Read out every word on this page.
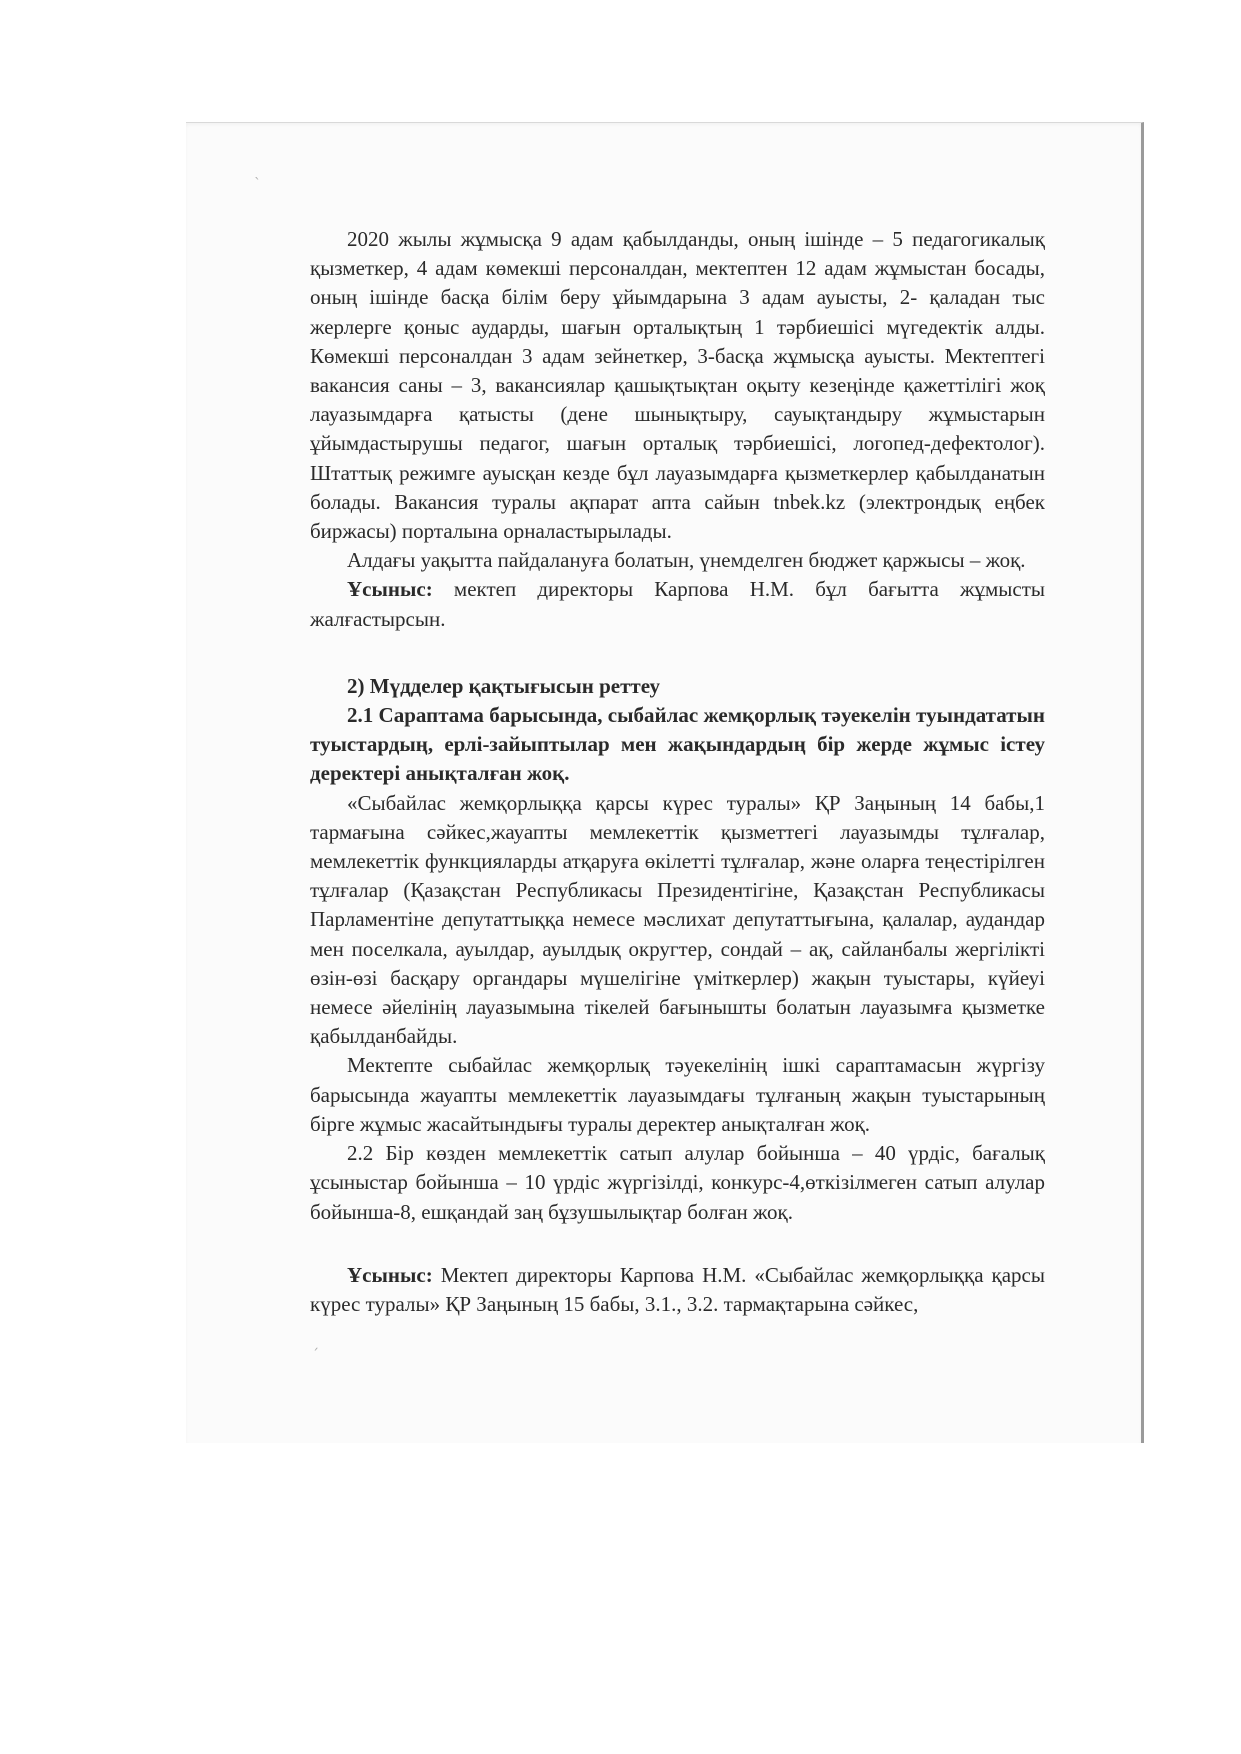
ˎ
ˏ

2020 жылы жұмысқа 9 адам қабылданды, оның ішінде – 5 педагогикалық қызметкер, 4 адам көмекші персоналдан, мектептен 12 адам жұмыстан босады, оның ішінде басқа білім беру ұйымдарына 3 адам ауысты, 2- қаладан тыс жерлерге қоныс аударды, шағын орталықтың 1 тәрбиешісі мүгедектік алды. Көмекші персоналдан 3 адам зейнеткер, 3-басқа жұмысқа ауысты. Мектептегі вакансия саны – 3, вакансиялар қашықтықтан оқыту кезеңінде қажеттілігі жоқ лауазымдарға қатысты (дене шынықтыру, сауықтандыру жұмыстарын ұйымдастырушы педагог, шағын орталық тәрбиешісі, логопед-дефектолог). Штаттық режимге ауысқан кезде бұл лауазымдарға қызметкерлер қабылданатын болады. Вакансия туралы ақпарат апта сайын tnbek.kz (электрондық еңбек биржасы) порталына орналастырылады.

Алдағы уақытта пайдалануға болатын, үнемделген бюджет қаржысы – жоқ.

Ұсыныс: мектеп директоры Карпова Н.М. бұл бағытта жұмысты жалғастырсын.

2) Мүдделер қақтығысын реттеу

2.1 Сараптама барысында, сыбайлас жемқорлық тәуекелін туындататын туыстардың, ерлі-зайыптылар мен жақындардың бір жерде жұмыс істеу деректері анықталған жоқ.

«Сыбайлас жемқорлыққа қарсы күрес туралы» ҚР Заңының 14 бабы,1 тармағына сәйкес,жауапты мемлекеттік қызметтегі лауазымды тұлғалар, мемлекеттік функцияларды атқаруға өкілетті тұлғалар, және оларға теңестірілген тұлғалар (Қазақстан Республикасы Президентігіне, Қазақстан Республикасы Парламентіне депутаттыққа немесе мәслихат депутаттығына, қалалар, аудандар мен поселкала, ауылдар, ауылдық округтер, сондай – ақ, сайланбалы жергілікті өзін-өзі басқару органдары мүшелігіне үміткерлер) жақын туыстары, күйеуі немесе әйелінің лауазымына тікелей бағынышты болатын лауазымға қызметке қабылданбайды.

Мектепте сыбайлас жемқорлық тәуекелінің ішкі сараптамасын жүргізу барысында жауапты мемлекеттік лауазымдағы тұлғаның жақын туыстарының бірге жұмыс жасайтындығы туралы деректер анықталған жоқ.

2.2 Бір көзден мемлекеттік сатып алулар бойынша – 40 үрдіс, бағалық ұсыныстар бойынша – 10 үрдіс жүргізілді, конкурс-4,өткізілмеген сатып алулар бойынша-8, ешқандай заң бұзушылықтар болған жоқ.

Ұсыныс: Мектеп директоры Карпова Н.М. «Сыбайлас жемқорлыққа қарсы күрес туралы» ҚР Заңының 15 бабы, 3.1., 3.2. тармақтарына сәйкес,
